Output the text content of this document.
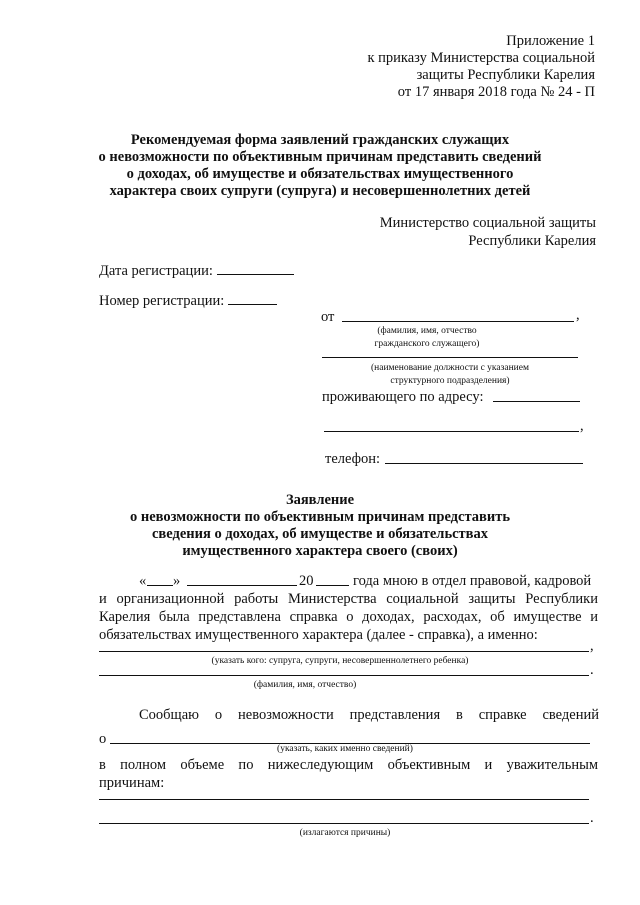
Приложение 1
к приказу Министерства социальной
защиты Республики Карелия
от 17 января 2018 года № 24 - П
Рекомендуемая форма заявлений гражданских служащих
о невозможности по объективным причинам представить сведений
о доходах, об имуществе и обязательствах имущественного
характера своих супруги (супруга) и несовершеннолетних детей
Министерство социальной защиты
Республики Карелия
Дата регистрации:
Номер регистрации:
от	,
(фамилия, имя, отчество
гражданского служащего)
(наименование должности с указанием
структурного подразделения)
проживающего по адресу:
,
телефон:
Заявление
о невозможности по объективным причинам представить
сведения о доходах, об имуществе и обязательствах
имущественного характера своего (своих)
« »	20	года мною в отдел правовой, кадровой
и организационной работы Министерства социальной защиты Республики
Карелия была представлена справка о доходах, расходах, об имуществе и
обязательствах имущественного характера (далее - справка), а именно:
,
(указать кого: супруга, супруги, несовершеннолетнего ребенка)
.
(фамилия, имя, отчество)
Сообщаю о невозможности представления в справке сведений
о
(указать, каких именно сведений)
в полном объеме по нижеследующим объективным и уважительным
причинам:
.
(излагаются причины)
